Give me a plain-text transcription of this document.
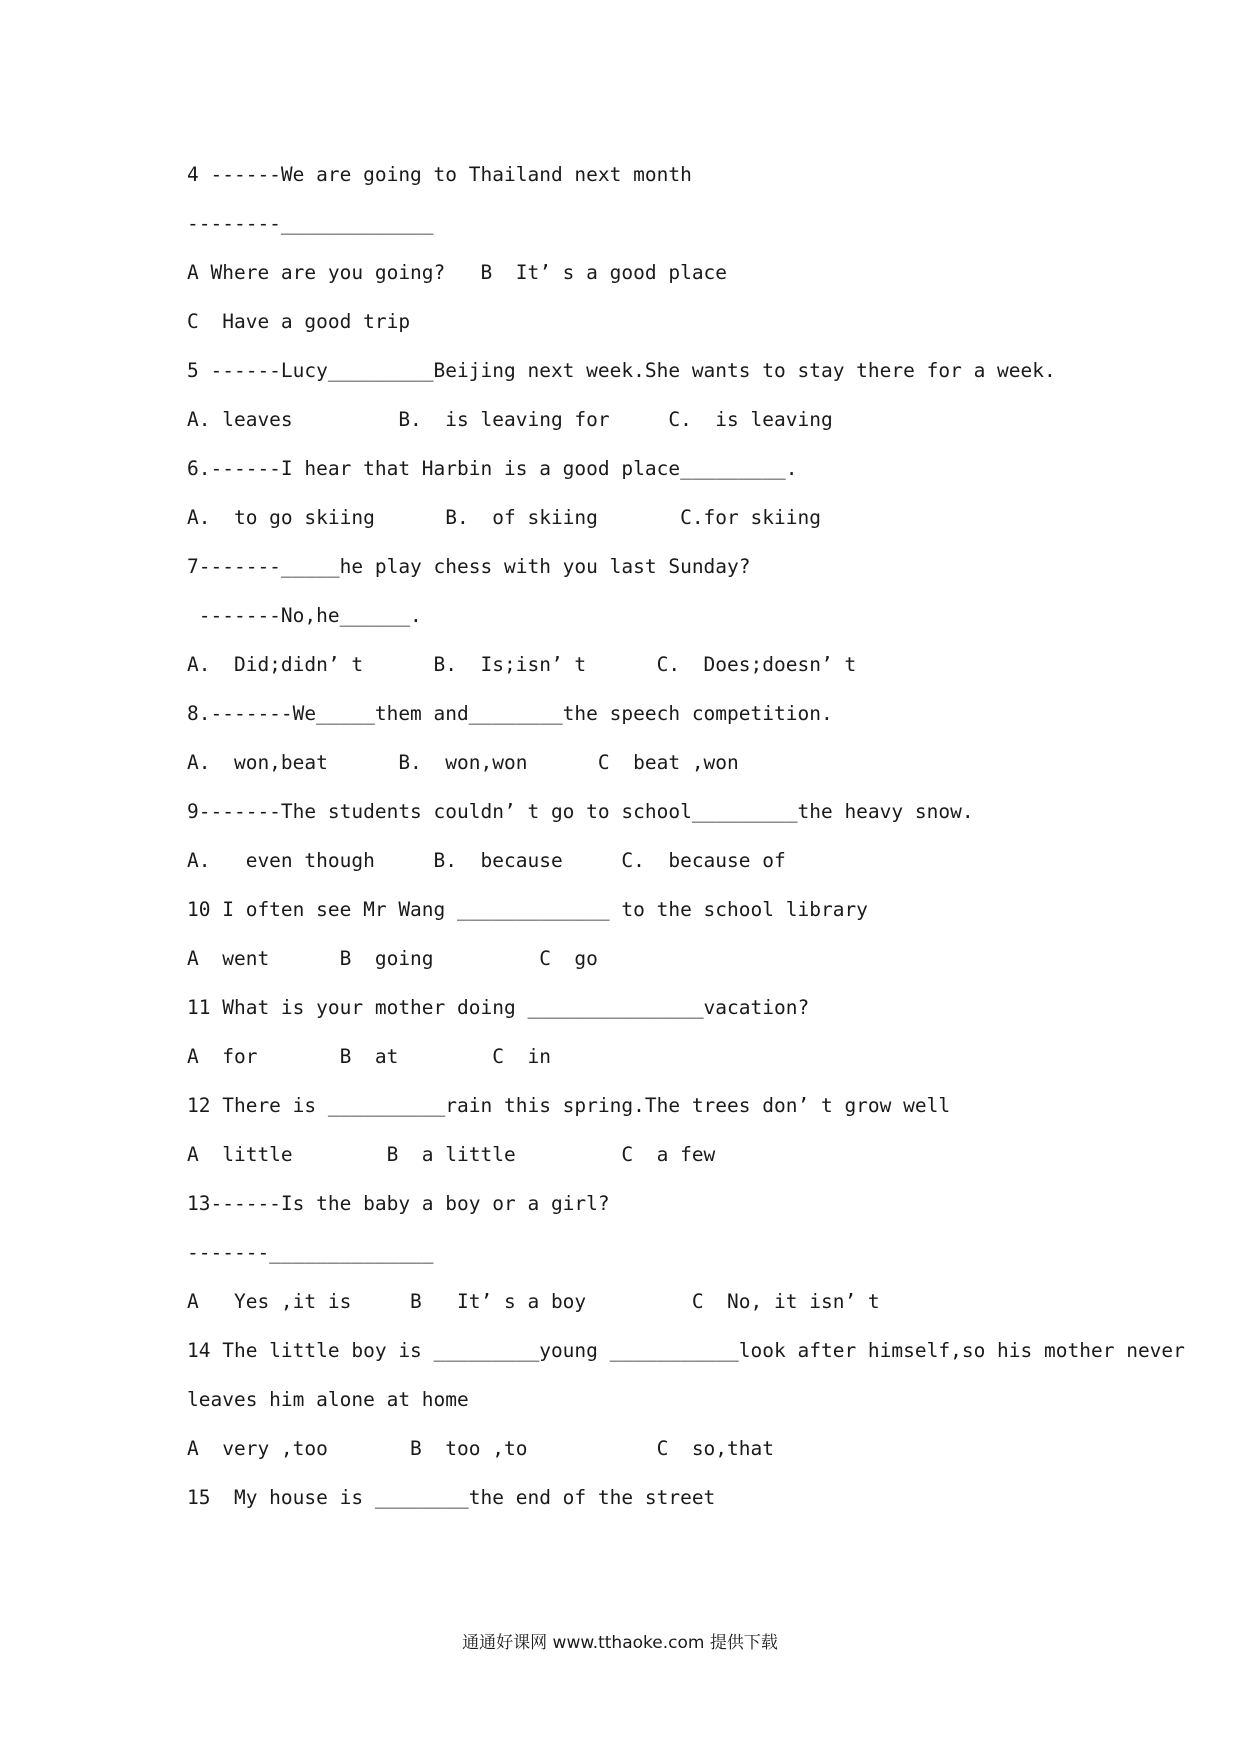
4 ------We are going to Thailand next month
--------_____________
A Where are you going?   B  It’ s a good place
C  Have a good trip
5 ------Lucy_________Beijing next week.She wants to stay there for a week.
A. leaves         B.  is leaving for     C.  is leaving
6.------I hear that Harbin is a good place_________.
A.  to go skiing      B.  of skiing       C.for skiing
7-------_____he play chess with you last Sunday?
-------No,he______.
A.  Did;didn’ t      B.  Is;isn’ t      C.  Does;doesn’ t
8.-------We_____them and________the speech competition.
A.  won,beat      B.  won,won      C  beat ,won
9-------The students couldn’ t go to school_________the heavy snow.
A.   even though     B.  because     C.  because of
10 I often see Mr Wang _____________ to the school library
A  went      B  going         C  go
11 What is your mother doing _______________vacation?
A  for       B  at        C  in
12 There is __________rain this spring.The trees don’ t grow well
A  little        B  a little         C  a few
13------Is the baby a boy or a girl?
-------______________
A   Yes ,it is     B   It’ s a boy         C  No, it isn’ t
14 The little boy is _________young ___________look after himself,so his mother never
leaves him alone at home
A  very ,too       B  too ,to           C  so,that
15  My house is ________the end of the street
通通好课网 www.tthaoke.com 提供下载
